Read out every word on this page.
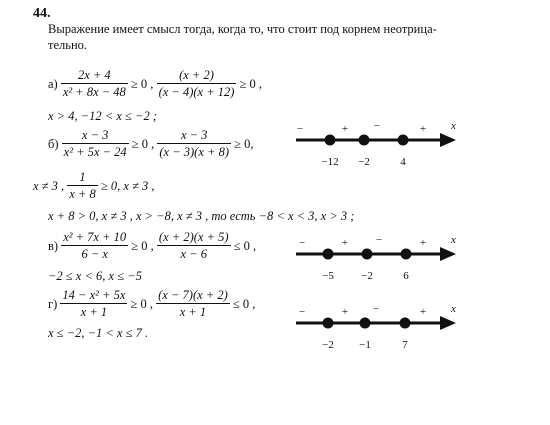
44.
Выражение имеет смысл тогда, когда то, что стоит под корнем неотрица-
тельно.
$а) \frac{2x + 4}{\text{x² + 8x − 48}} \ge 0$ , $\frac{(x + 2)}{(x - 4)(x + 12)} \ge 0$ ,
x > 4, −12 < x ≤ −2 ;
$б) \frac{x - 3}{\text{x² + 5x − 24}} \ge 0$ , $\frac{x - 3}{(x - 3)(x + 8)} \ge 0$,
x ≠ 3 , $\frac{1}{x + 8} \ge 0$, x ≠ 3 ,
x + 8 > 0, x ≠ 3 , x > −8, x ≠ 3 , то есть −8 < x < 3, x > 3 ;
$в) \frac{\text{x² + 7x + 10}}{6 - x} \ge 0$ , $\frac{(x + 2)(x + 5)}{x - 6} \le 0$ ,
−2 ≤ x < 6, x ≤ −5
$г) \frac{\text{14 − x² + 5x}}{x + 1} \ge 0$ , $\frac{(x - 7)(x + 2)}{x + 1} \le 0$ ,
x ≤ −2, −1 < x ≤ 7 .
x
−	+ −	+
−12 −2	4
x
−	+	−	+
−5 −2	6
x
−	+ −	+
−2 −1	7
